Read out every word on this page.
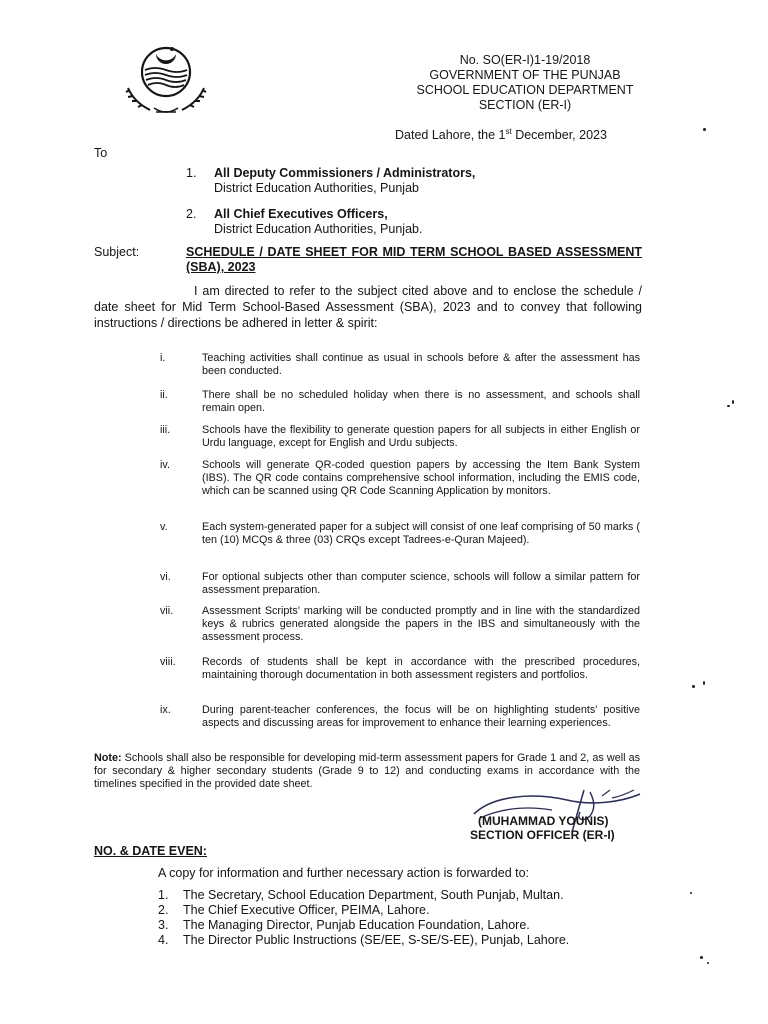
No. SO(ER-I)1-19/2018
GOVERNMENT OF THE PUNJAB
SCHOOL EDUCATION DEPARTMENT
SECTION (ER-I)
Dated Lahore, the 1st December, 2023
To
1. All Deputy Commissioners / Administrators,
District Education Authorities, Punjab
2. All Chief Executives Officers,
District Education Authorities, Punjab.
Subject:	SCHEDULE / DATE SHEET FOR MID TERM SCHOOL BASED ASSESSMENT (SBA), 2023
I am directed to refer to the subject cited above and to enclose the schedule / date sheet for Mid Term School-Based Assessment (SBA), 2023 and to convey that following instructions / directions be adhered in letter & spirit:
i.	Teaching activities shall continue as usual in schools before & after the assessment has been conducted.
ii.	There shall be no scheduled holiday when there is no assessment, and schools shall remain open.
iii.	Schools have the flexibility to generate question papers for all subjects in either English or Urdu language, except for English and Urdu subjects.
iv.	Schools will generate QR-coded question papers by accessing the Item Bank System (IBS). The QR code contains comprehensive school information, including the EMIS code, which can be scanned using QR Code Scanning Application by monitors.
v.	Each system-generated paper for a subject will consist of one leaf comprising of 50 marks ( ten (10) MCQs & three (03) CRQs except Tadrees-e-Quran Majeed).
vi.	For optional subjects other than computer science, schools will follow a similar pattern for assessment preparation.
vii.	Assessment Scripts' marking will be conducted promptly and in line with the standardized keys & rubrics generated alongside the papers in the IBS and simultaneously with the assessment process.
viii.	Records of students shall be kept in accordance with the prescribed procedures, maintaining thorough documentation in both assessment registers and portfolios.
ix.	During parent-teacher conferences, the focus will be on highlighting students' positive aspects and discussing areas for improvement to enhance their learning experiences.
Note: Schools shall also be responsible for developing mid-term assessment papers for Grade 1 and 2, as well as for secondary & higher secondary students (Grade 9 to 12) and conducting exams in accordance with the timelines specified in the provided date sheet.
(MUHAMMAD YOUNIS)
SECTION OFFICER (ER-I)
NO. & DATE EVEN:
A copy for information and further necessary action is forwarded to:
1. The Secretary, School Education Department, South Punjab, Multan.
2. The Chief Executive Officer, PEIMA, Lahore.
3. The Managing Director, Punjab Education Foundation, Lahore.
4. The Director Public Instructions (SE/EE, S-SE/S-EE), Punjab, Lahore.
